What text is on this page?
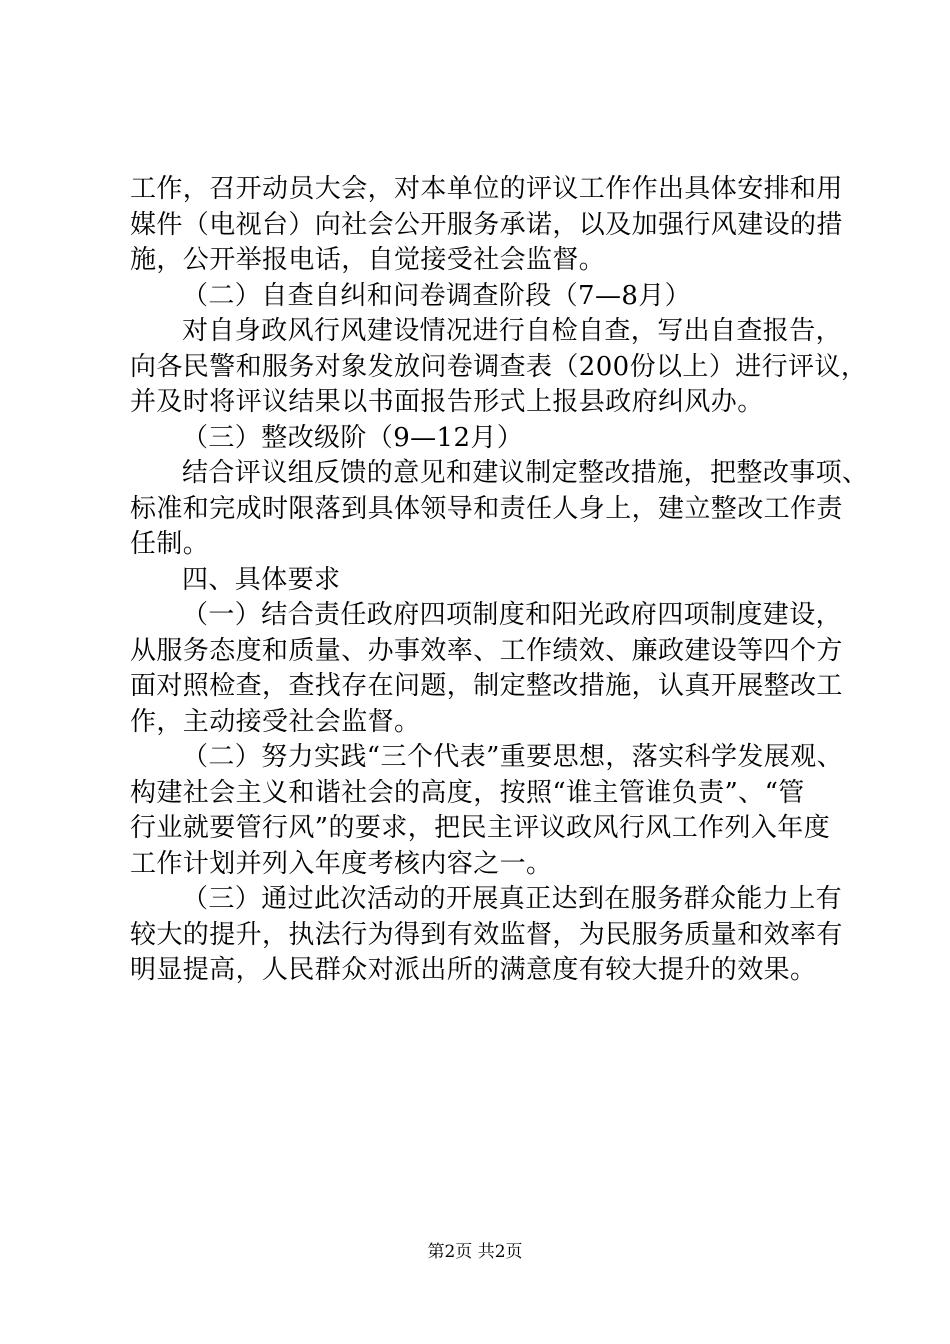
工作，召开动员大会，对本单位的评议工作作出具体安排和用
媒件（电视台）向社会公开服务承诺，以及加强行风建设的措
施，公开举报电话，自觉接受社会监督。
（二）自查自纠和问卷调查阶段（7—8月）
对自身政风行风建设情况进行自检自查，写出自查报告，
向各民警和服务对象发放问卷调查表（200份以上）进行评议，
并及时将评议结果以书面报告形式上报县政府纠风办。
（三）整改级阶（9—12月）
结合评议组反馈的意见和建议制定整改措施，把整改事项、
标准和完成时限落到具体领导和责任人身上，建立整改工作责
任制。
四、具体要求
（一）结合责任政府四项制度和阳光政府四项制度建设，
从服务态度和质量、办事效率、工作绩效、廉政建设等四个方
面对照检查，查找存在问题，制定整改措施，认真开展整改工
作，主动接受社会监督。
（二）努力实践“三个代表”重要思想，落实科学发展观、
构建社会主义和谐社会的高度，按照“谁主管谁负责”、“管
行业就要管行风”的要求，把民主评议政风行风工作列入年度
工作计划并列入年度考核内容之一。
（三）通过此次活动的开展真正达到在服务群众能力上有
较大的提升，执法行为得到有效监督，为民服务质量和效率有
明显提高，人民群众对派出所的满意度有较大提升的效果。
第2页 共2页
